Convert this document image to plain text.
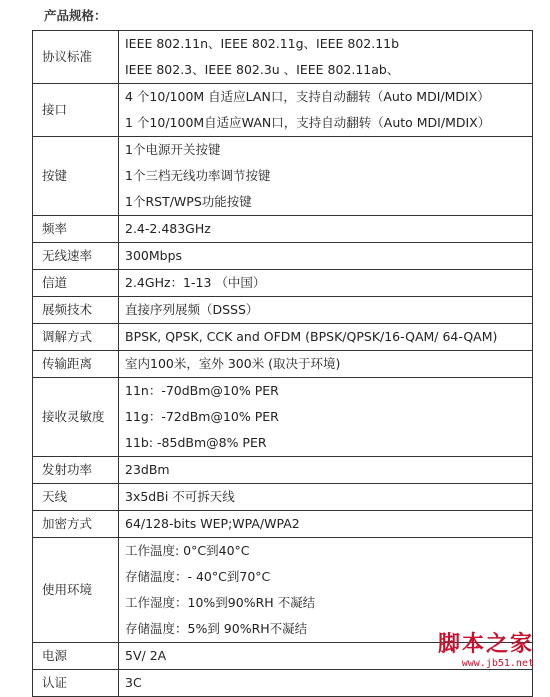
产品规格：
协议标准	IEEE 802.11n、IEEE 802.11g、IEEE 802.11b
IEEE 802.3、IEEE 802.3u 、IEEE 802.11ab、

接口	4 个10/100M 自适应LAN口，支持自动翻转（Auto MDI/MDIX）
1 个10/100M自适应WAN口，支持自动翻转（Auto MDI/MDIX）

按键	1个电源开关按键
1个三档无线功率调节按键
1个RST/WPS功能按键

频率	2.4-2.483GHz

无线速率	300Mbps

信道	2.4GHz：1-13 （中国）

展频技术	直接序列展频（DSSS）

调解方式	BPSK, QPSK, CCK and OFDM (BPSK/QPSK/16-QAM/ 64-QAM)

传输距离	室内100米，室外 300米 (取决于环境)

接收灵敏度	11n：-70dBm@10% PER
11g：-72dBm@10% PER
11b: -85dBm@8% PER

发射功率	23dBm

天线	3x5dBi 不可拆天线

加密方式	64/128-bits WEP;WPA/WPA2

使用环境	工作温度: 0°C到40°C
存储温度：- 40°C到70°C
工作湿度：10%到90%RH 不凝结
存储温度：5%到 90%RH不凝结

电源	5V/ 2A

认证	3C
脚本之家
www.jb51.net
